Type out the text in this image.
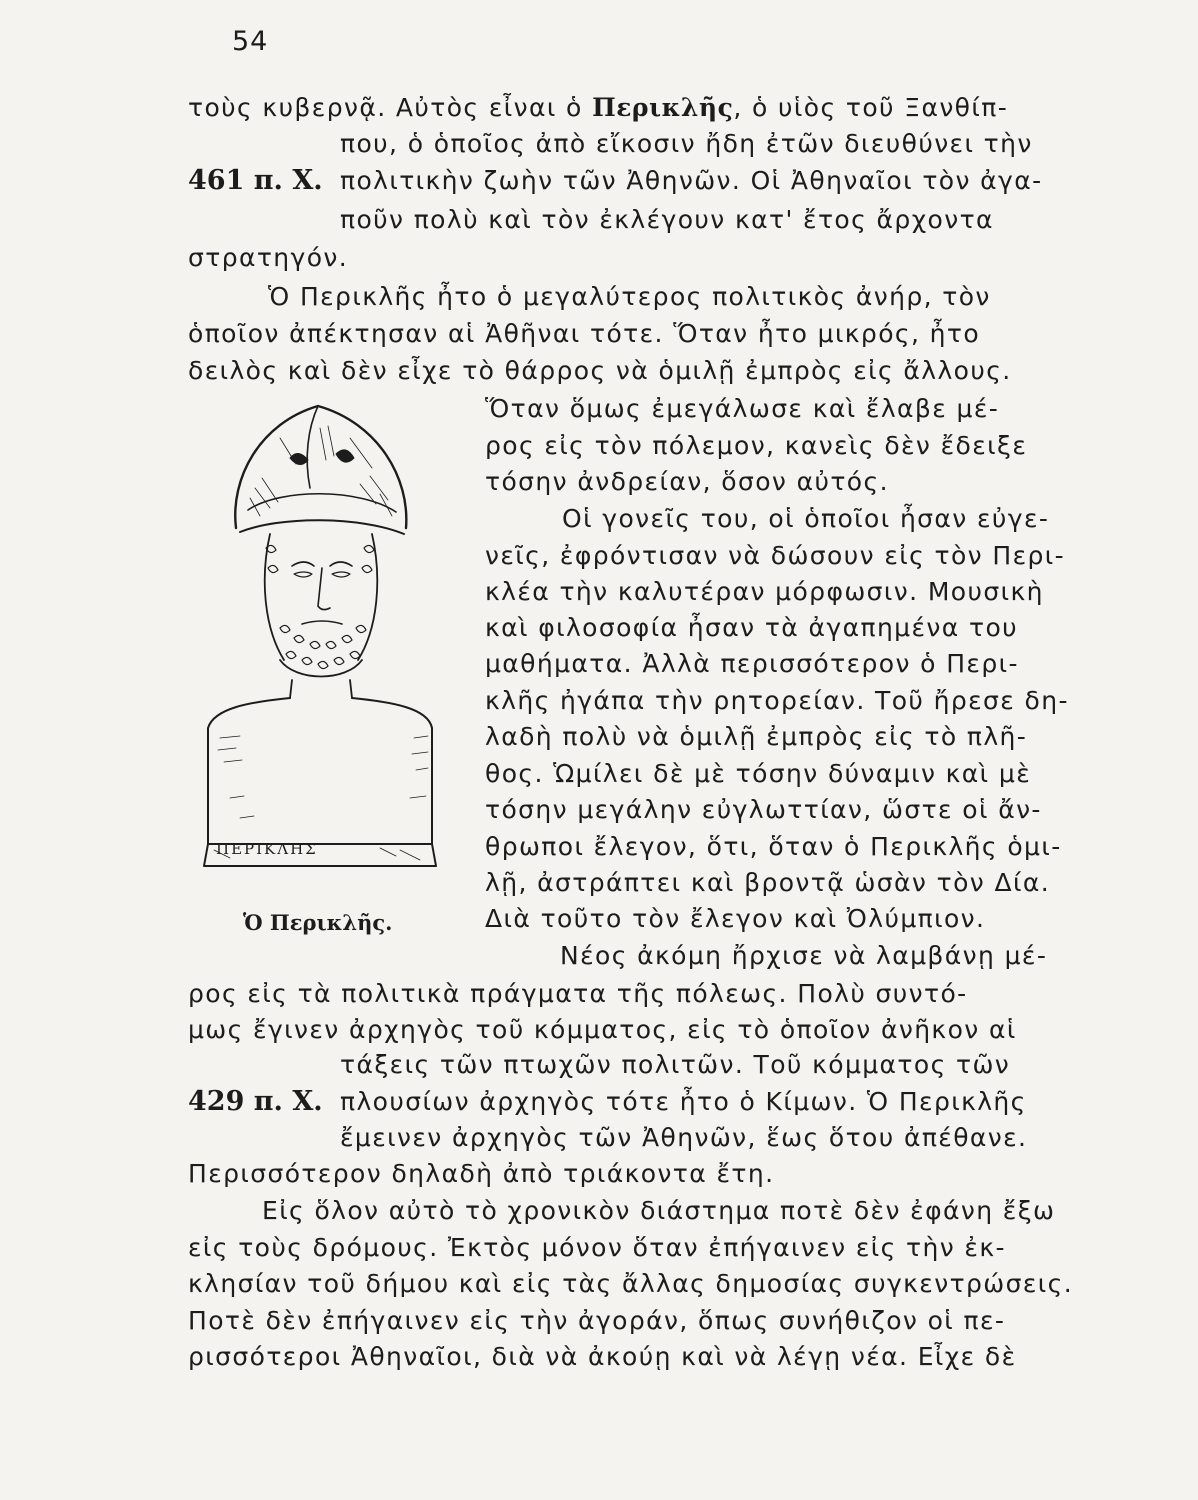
54
τοὺς κυβερνᾷ. Αὐτὸς εἶναι ὁ Περικλῆς, ὁ υἱὸς τοῦ Ξανθίπ-
που, ὁ ὁποῖος ἀπὸ εἴκοσιν ἤδη ἐτῶν διευθύνει τὴν
461 π. Χ. πολιτικὴν ζωὴν τῶν Ἀθηνῶν. Οἱ Ἀθηναῖοι τὸν ἀγα-
ποῦν πολὺ καὶ τὸν ἐκλέγουν κατ' ἔτος ἄρχοντα
στρατηγόν.
Ὁ Περικλῆς ἦτο ὁ μεγαλύτερος πολιτικὸς ἀνήρ, τὸν
ὁποῖον ἀπέκτησαν αἱ Ἀθῆναι τότε. Ὅταν ἦτο μικρός, ἦτο
δειλὸς καὶ δὲν εἶχε τὸ θάρρος νὰ ὁμιλῇ ἐμπρὸς εἰς ἄλλους.
Ὅταν ὅμως ἐμεγάλωσε καὶ ἔλαβε μέ-
ρος εἰς τὸν πόλεμον, κανεὶς δὲν ἔδειξε
τόσην ἀνδρείαν, ὅσον αὐτός.
Οἱ γονεῖς του, οἱ ὁποῖοι ἦσαν εὐγε-
νεῖς, ἐφρόντισαν νὰ δώσουν εἰς τὸν Περι-
κλέα τὴν καλυτέραν μόρφωσιν. Μουσικὴ
καὶ φιλοσοφία ἦσαν τὰ ἀγαπημένα του
μαθήματα. Ἀλλὰ περισσότερον ὁ Περι-
κλῆς ἠγάπα τὴν ρητορείαν. Τοῦ ἤρεσε δη-
λαδὴ πολὺ νὰ ὁμιλῇ ἐμπρὸς εἰς τὸ πλῆ-
θος. Ὡμίλει δὲ μὲ τόσην δύναμιν καὶ μὲ
τόσην μεγάλην εὐγλωττίαν, ὥστε οἱ ἄν-
θρωποι ἔλεγον, ὅτι, ὅταν ὁ Περικλῆς ὁμι-
λῇ, ἀστράπτει καὶ βροντᾷ ὡσὰν τὸν Δία.
Διὰ τοῦτο τὸν ἔλεγον καὶ Ὀλύμπιον.
Νέος ἀκόμη ἤρχισε νὰ λαμβάνῃ μέ-
ρος εἰς τὰ πολιτικὰ πράγματα τῆς πόλεως. Πολὺ συντό-
μως ἔγινεν ἀρχηγὸς τοῦ κόμματος, εἰς τὸ ὁποῖον ἀνῆκον αἱ
τάξεις τῶν πτωχῶν πολιτῶν. Τοῦ κόμματος τῶν
429 π. Χ. πλουσίων ἀρχηγὸς τότε ἦτο ὁ Κίμων. Ὁ Περικλῆς
ἔμεινεν ἀρχηγὸς τῶν Ἀθηνῶν, ἕως ὅτου ἀπέθανε.
Περισσότερον δηλαδὴ ἀπὸ τριάκοντα ἔτη.
Εἰς ὅλον αὐτὸ τὸ χρονικὸν διάστημα ποτὲ δὲν ἐφάνη ἔξω
εἰς τοὺς δρόμους. Ἐκτὸς μόνον ὅταν ἐπήγαινεν εἰς τὴν ἐκ-
κλησίαν τοῦ δήμου καὶ εἰς τὰς ἄλλας δημοσίας συγκεντρώσεις.
Ποτὲ δὲν ἐπήγαινεν εἰς τὴν ἀγοράν, ὅπως συνήθιζον οἱ πε-
ρισσότεροι Ἀθηναῖοι, διὰ νὰ ἀκούῃ καὶ νὰ λέγῃ νέα. Εἶχε δὲ
ΠΕΡΙΚΛΗΣ
Ὁ Περικλῆς.
